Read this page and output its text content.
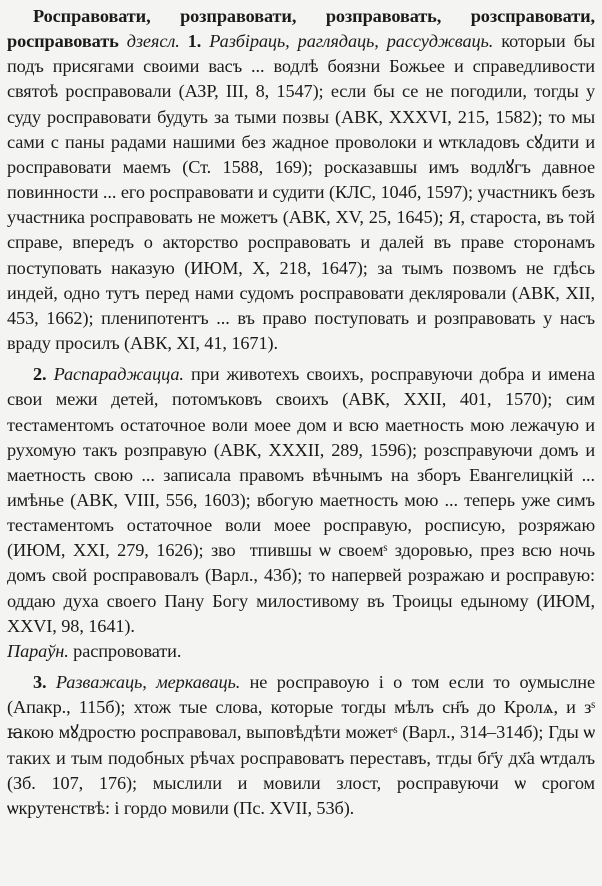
Росправовати, розправовати, розправовать, розсправовати, росправовать дзеясл. 1. Разбіраць, раглядаць, рассуджваць. которыи бы подъ присягами своими васъ ... водлѣ боязни Божьее и справедливости святоѣ росправовали (АЗР, III, 8, 1547); если бы се не погодили, тогды у суду росправовати будуть за тыми позвы (АВК, XXXVI, 215, 1582); то мы сами с паны радами нашими без жадное проволоки и ѡткладовъ сꙋдити и росправовати маемъ (Ст. 1588, 169); росказавшы имъ водлꙋгъ давное повинности ... его росправовати и судити (КЛС, 104б, 1597); участникъ безъ участника росправовать не можетъ (АВК, XV, 25, 1645); Я, староста, въ той справе, впередъ о акторство росправовать и далей въ праве сторонамъ поступовать наказую (ИЮМ, X, 218, 1647); за тымъ позвомъ не гдѣсь индей, одно тутъ перед нами судомъ росправовати декляровали (АВК, XII, 453, 1662); пленипотентъ ... въ право поступовать и розправовать у насъ враду просилъ (АВК, XI, 41, 1671).

2. Распараджацца. при животехъ своихъ, росправуючи добра и имена свои межи детей, потомъковъ своихъ (АВК, XXII, 401, 1570); сим тестаментомъ остаточное воли моее дом и всю маетность мою лежачую и рухомую такъ розправую (АВК, XXXII, 289, 1596); розсправуючи домъ и маетность свою ... записала правомъ вѣчнымъ на зборъ Евангелицкій ... имѣнье (АВК, VIII, 556, 1603); вбогую маетность мою ... теперь уже симъ тестаментомъ остаточное воли моее росправую, росписую, розряжаю (ИЮМ, XXI, 279, 1626); звоⷩтпившы ѡ своемˢ здоровью, през всю ночь домъ свой росправовалъ (Варл., 43б); то напервей розражаю и росправую: оддаю духа своего Пану Богу милостивому въ Троицы едыному (ИЮМ, XXVI, 98, 1641).

Параўн. распрововати.

3. Развaжаць, меркаваць. не росправоую і о том если то оумыслне (Апакр., 115б); хтож тые слова, которые тогды мѣлъ сн҃ъ до Кролѧ, и зˢ ꙗкою мꙋдростю росправовал, выповѣдѣти можетˢ (Варл., 314–314б); Гды ѡ таких и тым подобных рѣчах росправоватъ переставъ, тгды бг҃у дх҃а ѡтдалъ (Зб. 107, 176); мыслили и мовили злост, росправуючи ѡ срогом ѡкрутенствѣ: і гордо мовили (Пс. XVII, 53б).
